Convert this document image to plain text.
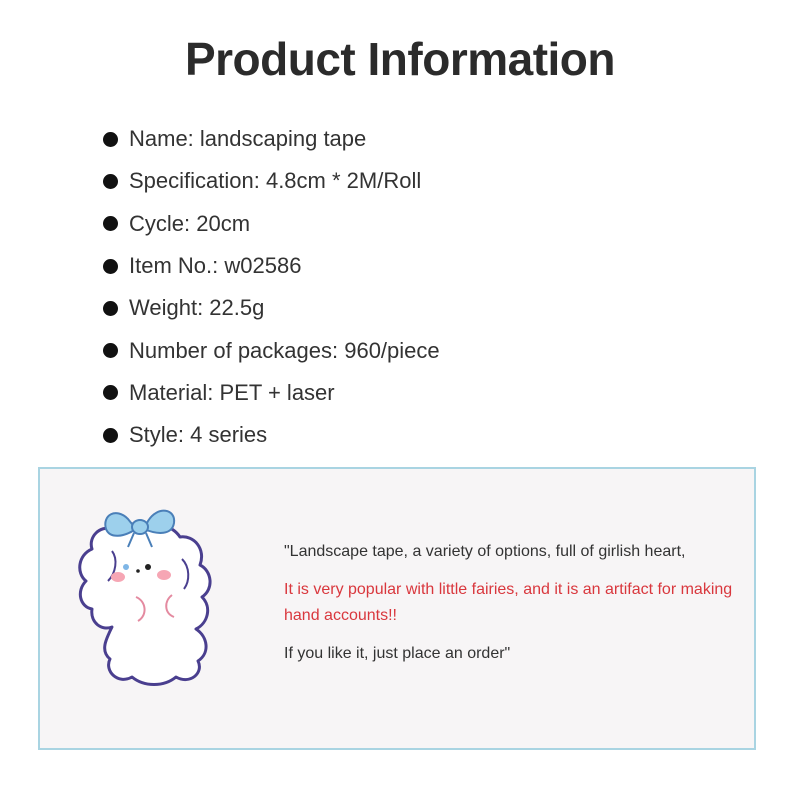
Product Information
Name: landscaping tape
Specification: 4.8cm * 2M/Roll
Cycle: 20cm
Item No.: w02586
Weight: 22.5g
Number of packages: 960/piece
Material: PET + laser
Style: 4 series

"Landscape tape, a variety of options, full of girlish heart,

It is very popular with little fairies, and it is an artifact for making hand accounts!!

If you like it, just place an order"
